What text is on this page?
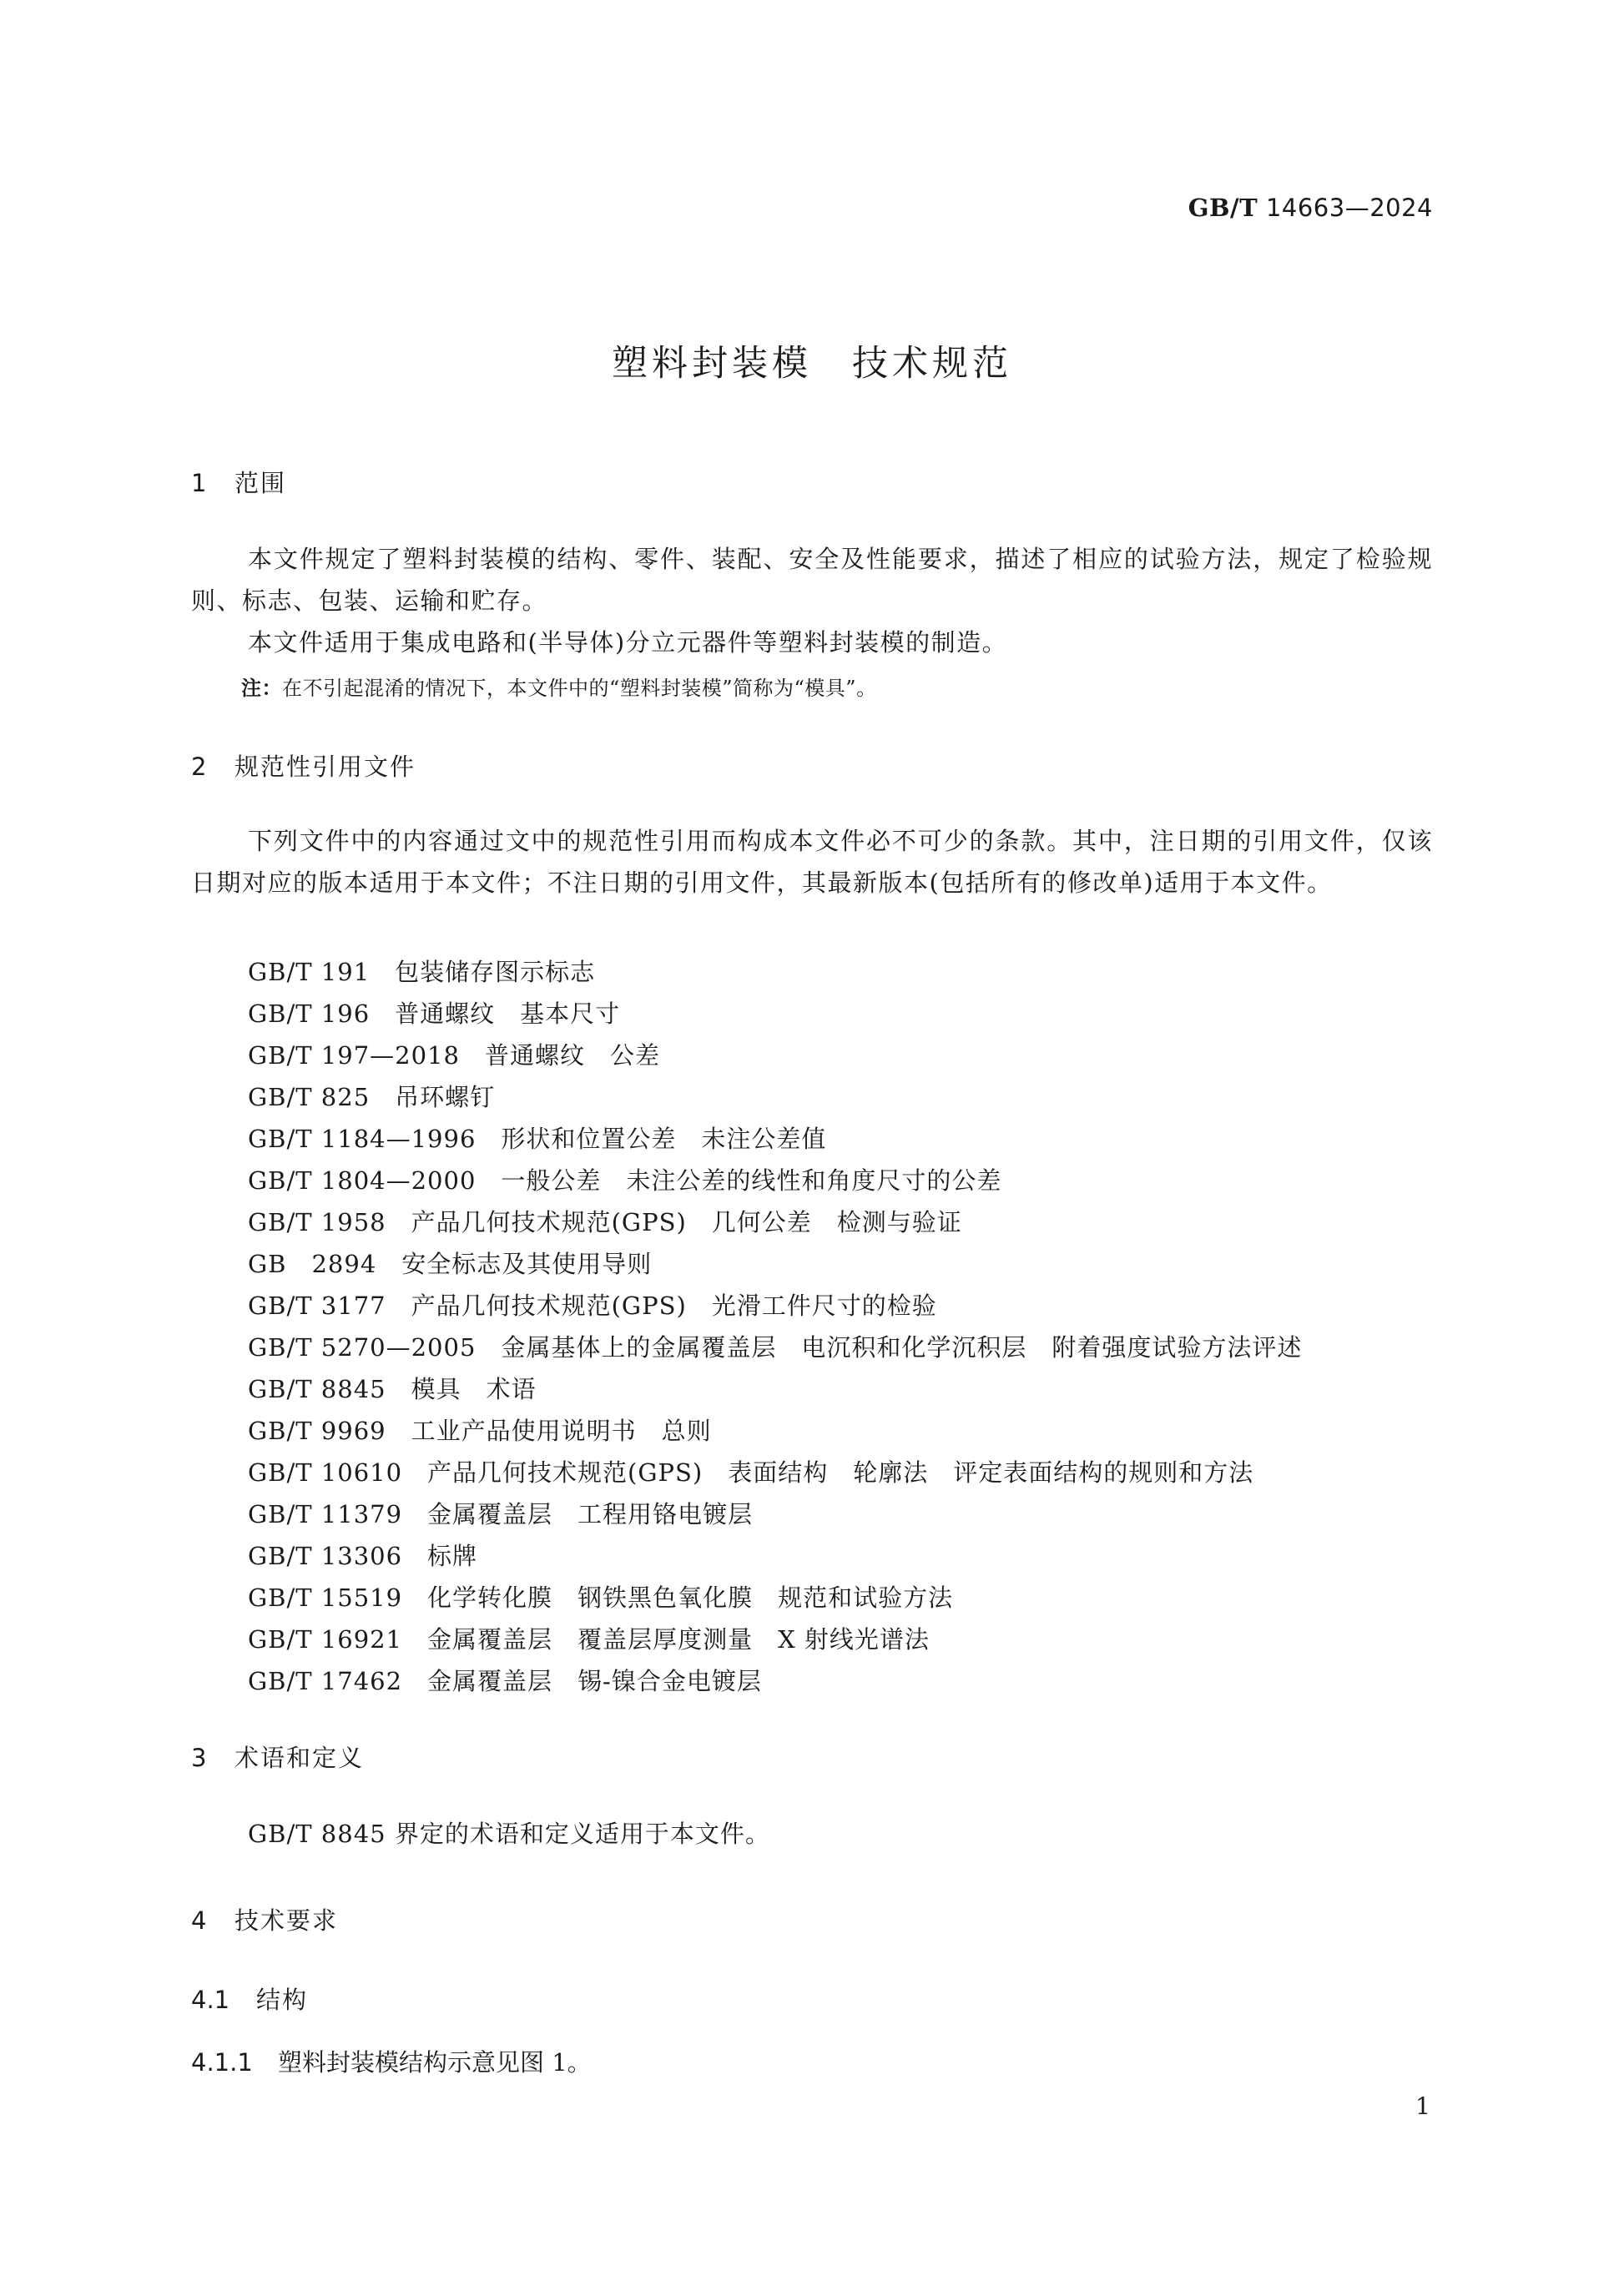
GB/T 14663—2024
塑料封装模　技术规范
1 范围
本文件规定了塑料封装模的结构、零件、装配、安全及性能要求，描述了相应的试验方法，规定了检验规则、标志、包装、运输和贮存。
本文件适用于集成电路和(半导体)分立元器件等塑料封装模的制造。
注：在不引起混淆的情况下，本文件中的“塑料封装模”简称为“模具”。
2 规范性引用文件
下列文件中的内容通过文中的规范性引用而构成本文件必不可少的条款。其中，注日期的引用文件，仅该日期对应的版本适用于本文件；不注日期的引用文件，其最新版本(包括所有的修改单)适用于本文件。
GB/T 191　包装储存图示标志
GB/T 196　普通螺纹　基本尺寸
GB/T 197—2018　普通螺纹　公差
GB/T 825　吊环螺钉
GB/T 1184—1996　形状和位置公差　未注公差值
GB/T 1804—2000　一般公差　未注公差的线性和角度尺寸的公差
GB/T 1958　产品几何技术规范(GPS)　几何公差　检测与验证
GB　2894　安全标志及其使用导则
GB/T 3177　产品几何技术规范(GPS)　光滑工件尺寸的检验
GB/T 5270—2005　金属基体上的金属覆盖层　电沉积和化学沉积层　附着强度试验方法评述
GB/T 8845　模具　术语
GB/T 9969　工业产品使用说明书　总则
GB/T 10610　产品几何技术规范(GPS)　表面结构　轮廓法　评定表面结构的规则和方法
GB/T 11379　金属覆盖层　工程用铬电镀层
GB/T 13306　标牌
GB/T 15519　化学转化膜　钢铁黑色氧化膜　规范和试验方法
GB/T 16921　金属覆盖层　覆盖层厚度测量　X 射线光谱法
GB/T 17462　金属覆盖层　锡-镍合金电镀层
3 术语和定义
GB/T 8845 界定的术语和定义适用于本文件。
4 技术要求
4.1 结构
4.1.1 塑料封装模结构示意见图 1。
1
